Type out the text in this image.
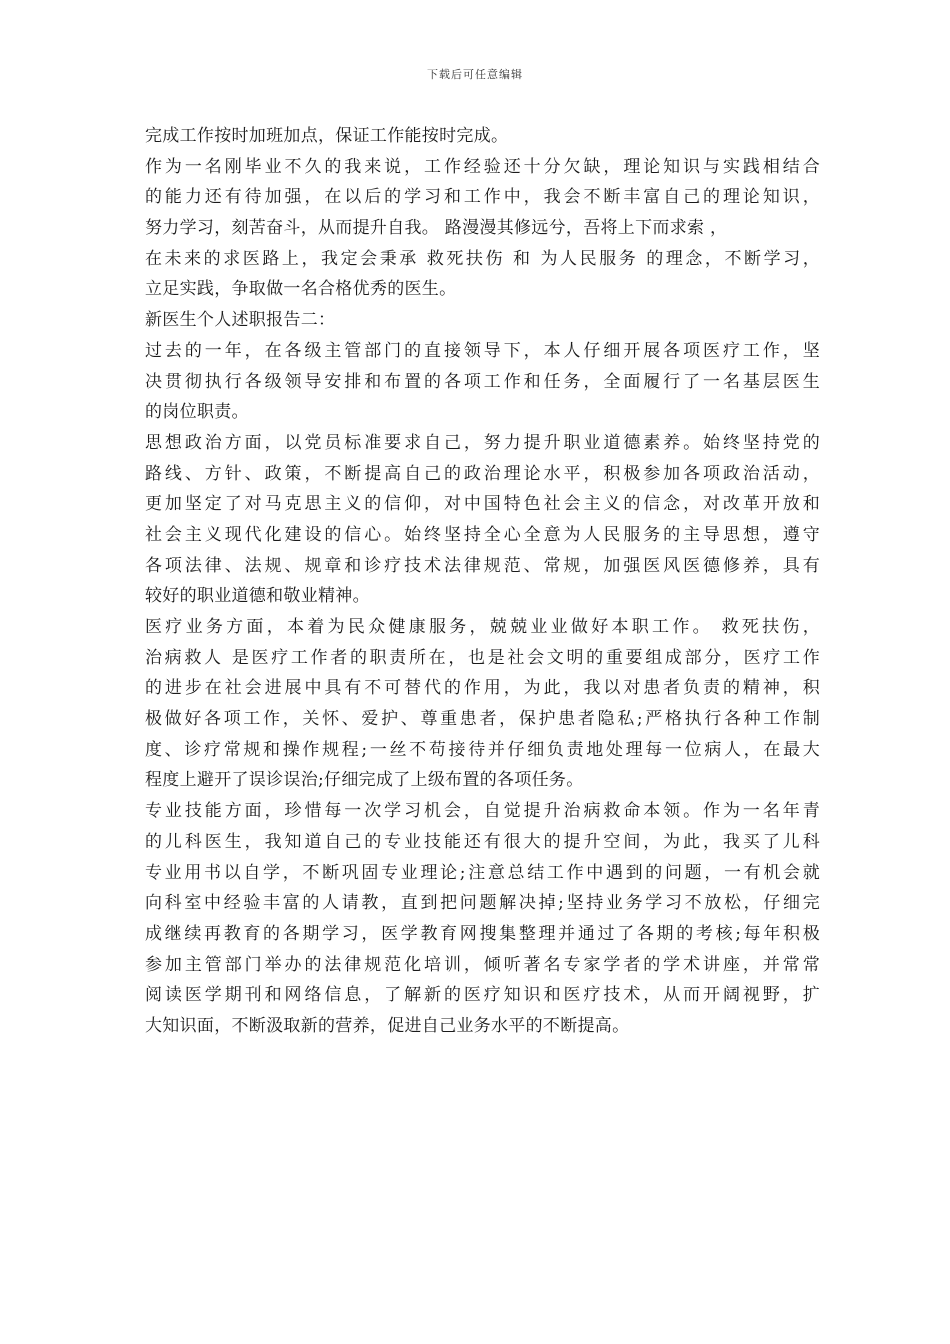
下载后可任意编辑
完成工作按时加班加点，保证工作能按时完成。
作为一名刚毕业不久的我来说，工作经验还十分欠缺，理论知识与实践相结合
的能力还有待加强，在以后的学习和工作中，我会不断丰富自己的理论知识，
努力学习，刻苦奋斗，从而提升自我。 路漫漫其修远兮，吾将上下而求索 ，
在未来的求医路上，我定会秉承 救死扶伤 和 为人民服务 的理念，不断学习，
立足实践，争取做一名合格优秀的医生。
新医生个人述职报告二：
过去的一年，在各级主管部门的直接领导下，本人仔细开展各项医疗工作，坚
决贯彻执行各级领导安排和布置的各项工作和任务，全面履行了一名基层医生
的岗位职责。
思想政治方面，以党员标准要求自己，努力提升职业道德素养。始终坚持党的
路线、方针、政策，不断提高自己的政治理论水平，积极参加各项政治活动，
更加坚定了对马克思主义的信仰，对中国特色社会主义的信念，对改革开放和
社会主义现代化建设的信心。始终坚持全心全意为人民服务的主导思想，遵守
各项法律、法规、规章和诊疗技术法律规范、常规，加强医风医德修养，具有
较好的职业道德和敬业精神。
医疗业务方面，本着为民众健康服务，兢兢业业做好本职工作。 救死扶伤，
治病救人 是医疗工作者的职责所在，也是社会文明的重要组成部分，医疗工作
的进步在社会进展中具有不可替代的作用，为此，我以对患者负责的精神，积
极做好各项工作，关怀、爱护、尊重患者，保护患者隐私;严格执行各种工作制
度、诊疗常规和操作规程;一丝不苟接待并仔细负责地处理每一位病人，在最大
程度上避开了误诊误治;仔细完成了上级布置的各项任务。
专业技能方面，珍惜每一次学习机会，自觉提升治病救命本领。作为一名年青
的儿科医生，我知道自己的专业技能还有很大的提升空间，为此，我买了儿科
专业用书以自学，不断巩固专业理论;注意总结工作中遇到的问题，一有机会就
向科室中经验丰富的人请教，直到把问题解决掉;坚持业务学习不放松，仔细完
成继续再教育的各期学习，医学教育网搜集整理并通过了各期的考核;每年积极
参加主管部门举办的法律规范化培训，倾听著名专家学者的学术讲座，并常常
阅读医学期刊和网络信息，了解新的医疗知识和医疗技术，从而开阔视野，扩
大知识面，不断汲取新的营养，促进自己业务水平的不断提高。
